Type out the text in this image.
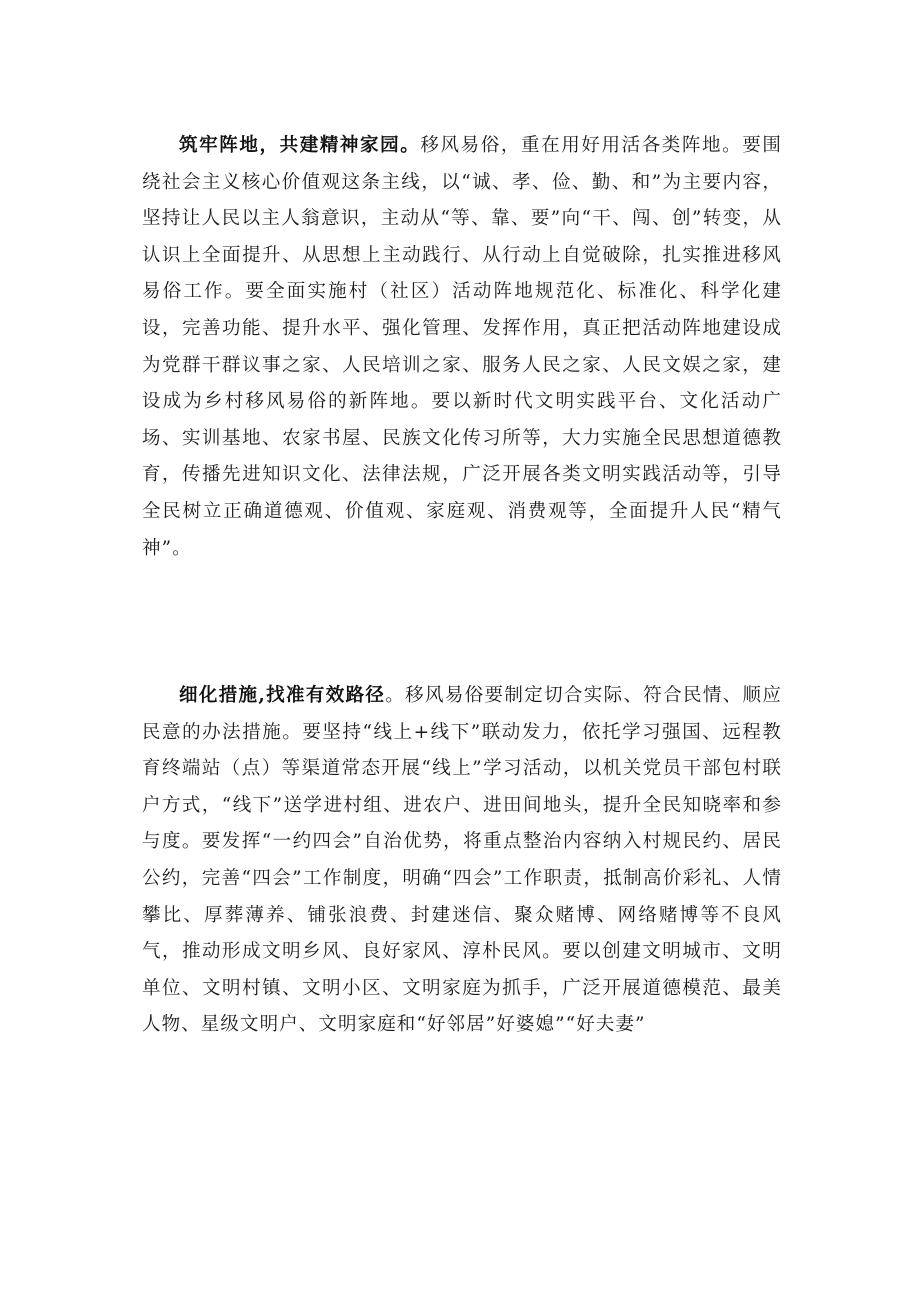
筑牢阵地，共建精神家园。移风易俗，重在用好用活各类阵地。要围绕社会主义核心价值观这条主线，以“诚、孝、俭、勤、和”为主要内容，坚持让人民以主人翁意识，主动从“等、靠、要”向“干、闯、创”转变，从认识上全面提升、从思想上主动践行、从行动上自觉破除，扎实推进移风易俗工作。要全面实施村（社区）活动阵地规范化、标准化、科学化建设，完善功能、提升水平、强化管理、发挥作用，真正把活动阵地建设成为党群干群议事之家、人民培训之家、服务人民之家、人民文娱之家，建设成为乡村移风易俗的新阵地。要以新时代文明实践平台、文化活动广场、实训基地、农家书屋、民族文化传习所等，大力实施全民思想道德教育，传播先进知识文化、法律法规，广泛开展各类文明实践活动等，引导全民树立正确道德观、价值观、家庭观、消费观等，全面提升人民“精气神”。

细化措施,找准有效路径。移风易俗要制定切合实际、符合民情、顺应民意的办法措施。要坚持“线上+线下”联动发力，依托学习强国、远程教育终端站（点）等渠道常态开展“线上”学习活动，以机关党员干部包村联户方式，“线下”送学进村组、进农户、进田间地头，提升全民知晓率和参与度。要发挥“一约四会”自治优势，将重点整治内容纳入村规民约、居民公约，完善“四会”工作制度，明确“四会”工作职责，抵制高价彩礼、人情攀比、厚葬薄养、铺张浪费、封建迷信、聚众赌博、网络赌博等不良风气，推动形成文明乡风、良好家风、淳朴民风。要以创建文明城市、文明单位、文明村镇、文明小区、文明家庭为抓手，广泛开展道德模范、最美人物、星级文明户、文明家庭和“好邻居”好婆媳”“好夫妻”
